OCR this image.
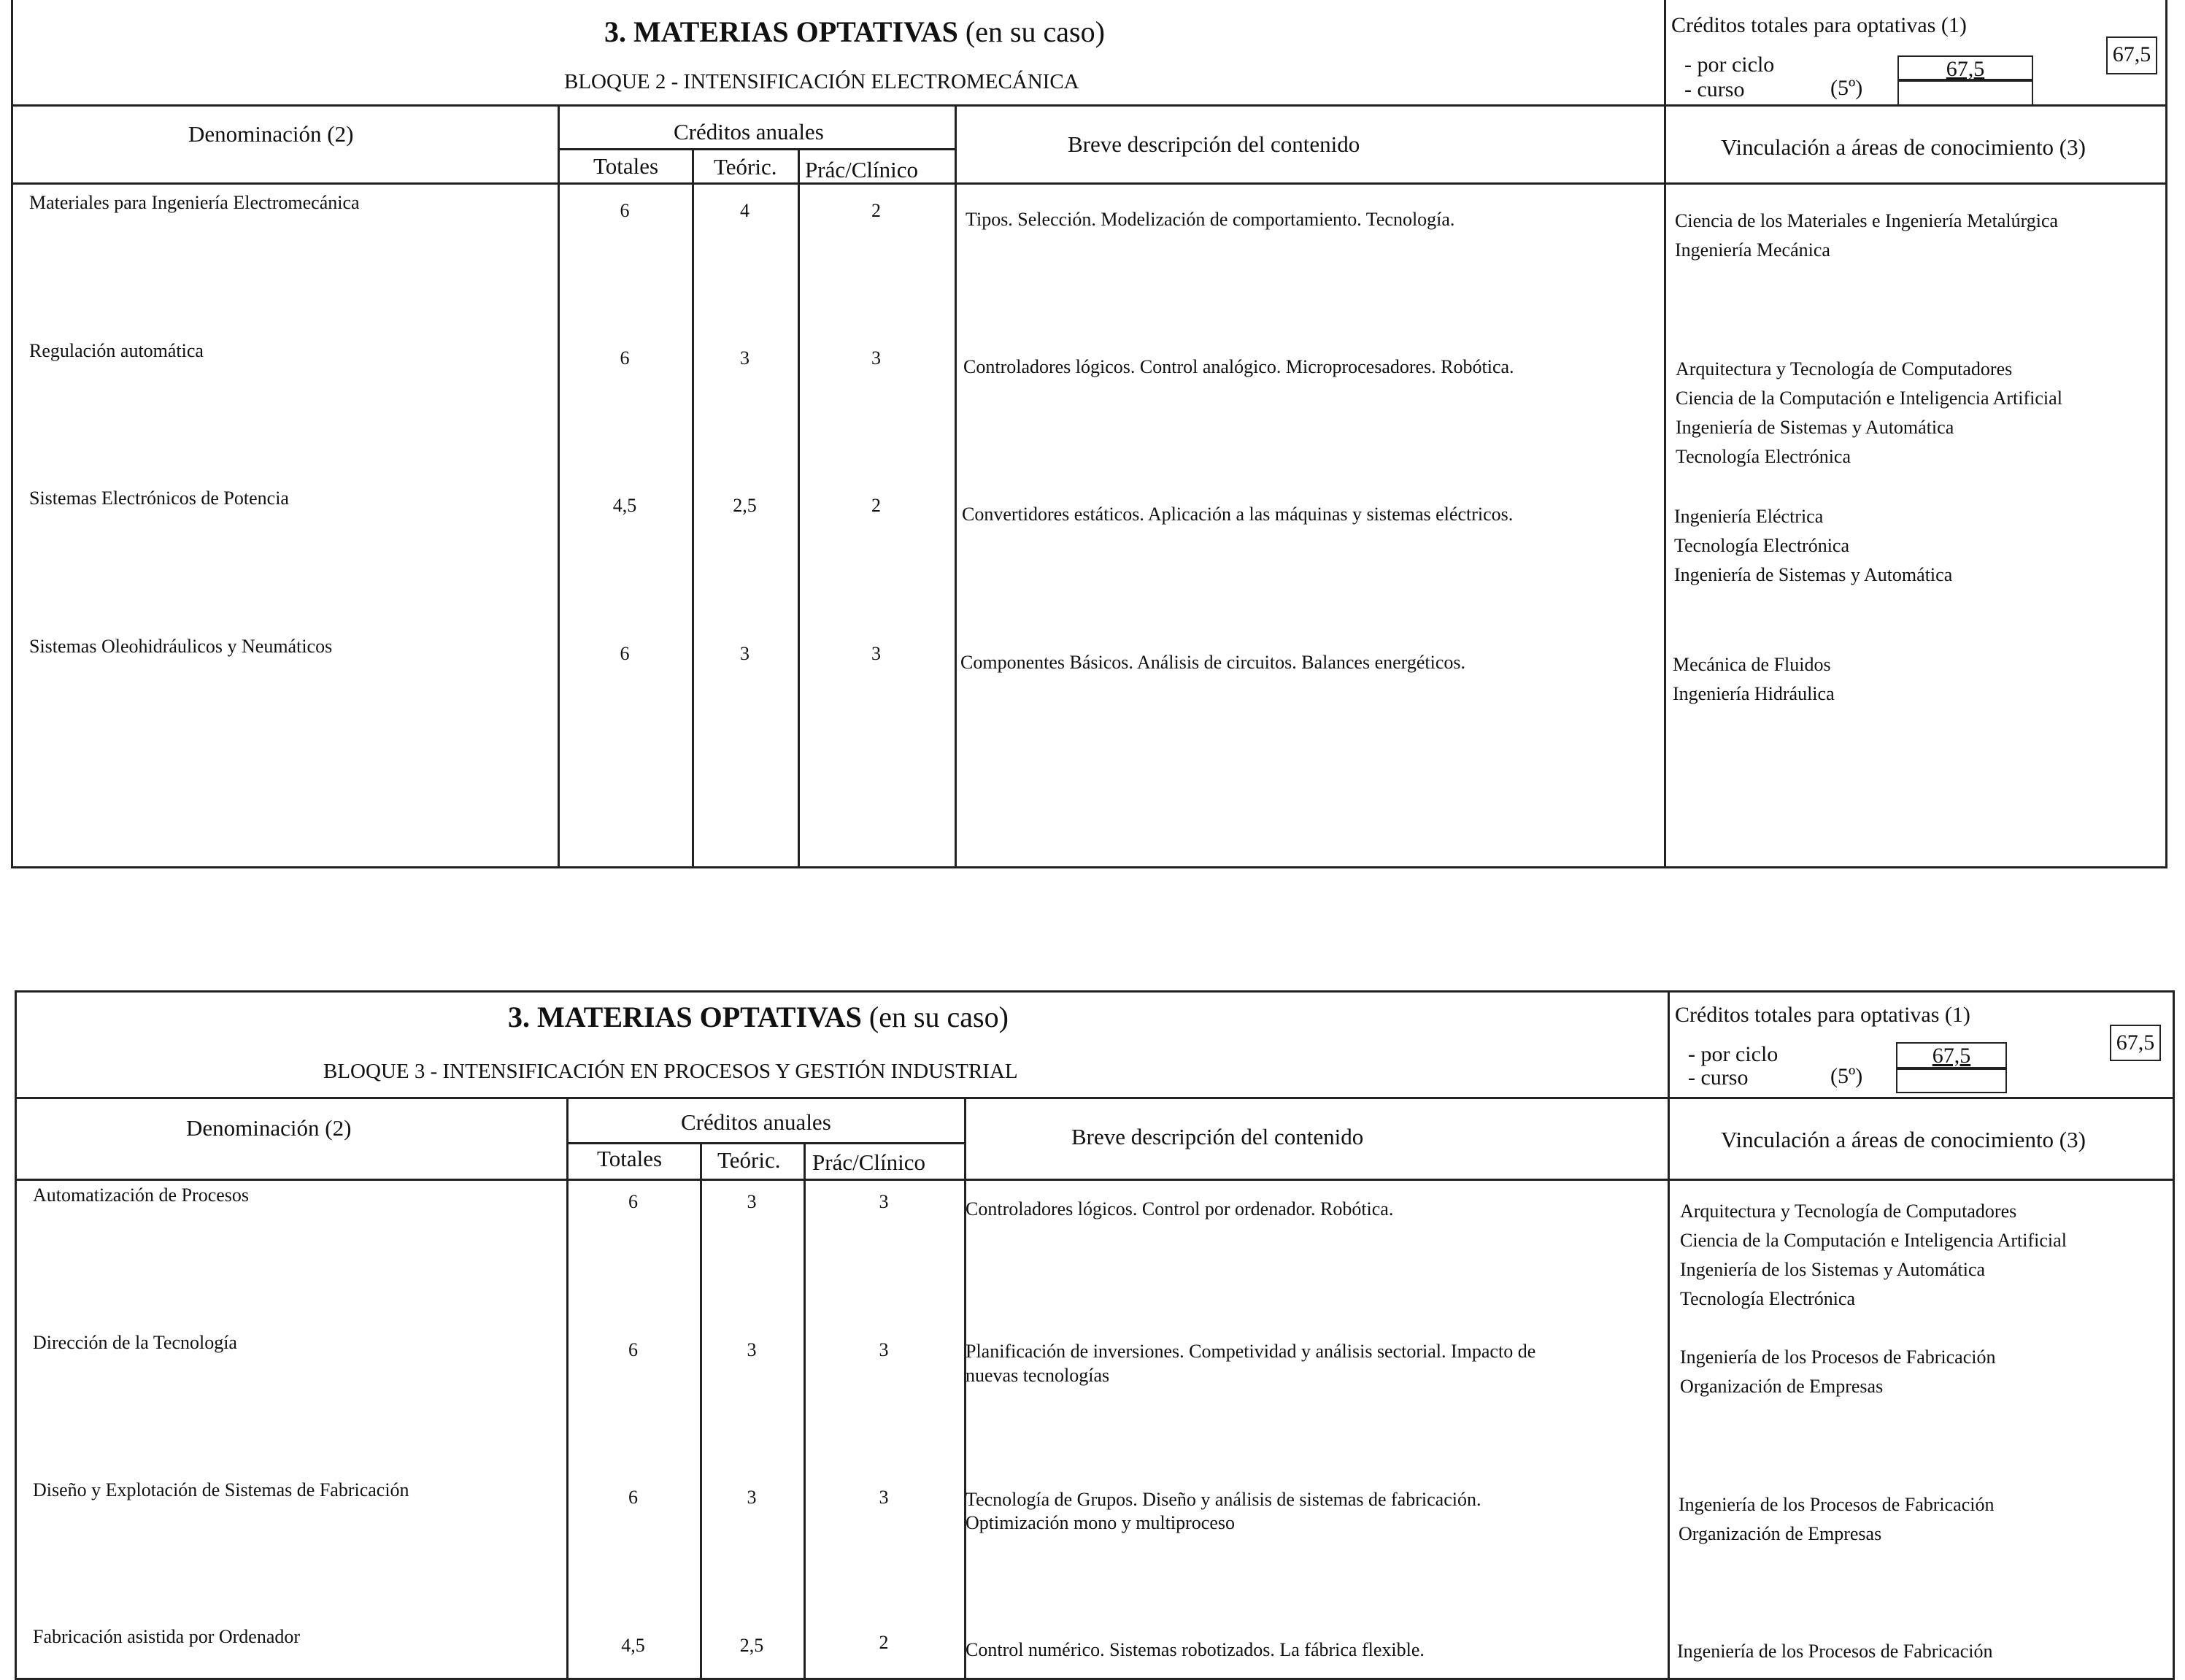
3. MATERIAS OPTATIVAS (en su caso)
BLOQUE 2 - INTENSIFICACIÓN ELECTROMECÁNICA
Créditos totales para optativas (1)
- por ciclo
- curso	(5º)
67,5
67,5
Denominación (2)	Créditos anuales
Totales Teóric. Prác/Clínico
Breve descripción del contenido	Vinculación a áreas de conocimiento (3)
Materiales para Ingeniería Electromecánica	6	4	2	Tipos. Selección. Modelización de comportamiento. Tecnología.	Ciencia de los Materiales e Ingeniería Metalúrgica
Ingeniería Mecánica
Regulación automática	6	3	3	Controladores lógicos. Control analógico. Microprocesadores. Robótica.	Arquitectura y Tecnología de Computadores
Ciencia de la Computación e Inteligencia Artificial
Ingeniería de Sistemas y Automática
Tecnología Electrónica
Sistemas Electrónicos de Potencia	4,5	2,5	2	Convertidores estáticos. Aplicación a las máquinas y sistemas eléctricos.	Ingeniería Eléctrica
Tecnología Electrónica
Ingeniería de Sistemas y Automática
Sistemas Oleohidráulicos y Neumáticos	6	3	3	Componentes Básicos. Análisis de circuitos. Balances energéticos.	Mecánica de Fluidos
Ingeniería Hidráulica
3. MATERIAS OPTATIVAS (en su caso)
BLOQUE 3 - INTENSIFICACIÓN EN PROCESOS Y GESTIÓN INDUSTRIAL
Créditos totales para optativas (1)
- por ciclo
- curso	(5º)
67,5
67,5
Denominación (2)	Créditos anuales
Totales Teóric. Prác/Clínico
Breve descripción del contenido	Vinculación a áreas de conocimiento (3)
Automatización de Procesos	6	3	3	Controladores lógicos. Control por ordenador. Robótica.	Arquitectura y Tecnología de Computadores
Ciencia de la Computación e Inteligencia Artificial
Ingeniería de los Sistemas y Automática
Tecnología Electrónica
Dirección de la Tecnología	6	3	3	Planificación de inversiones. Competividad y análisis sectorial. Impacto de
nuevas tecnologías
Ingeniería de los Procesos de Fabricación
Organización de Empresas
Diseño y Explotación de Sistemas de Fabricación	6	3	3	Tecnología de Grupos. Diseño y análisis de sistemas de fabricación.
Optimización mono y multiproceso
Ingeniería de los Procesos de Fabricación
Organización de Empresas
Fabricación asistida por Ordenador	4,5	2,5	2	Control numérico. Sistemas robotizados. La fábrica flexible.	Ingeniería de los Procesos de Fabricación
